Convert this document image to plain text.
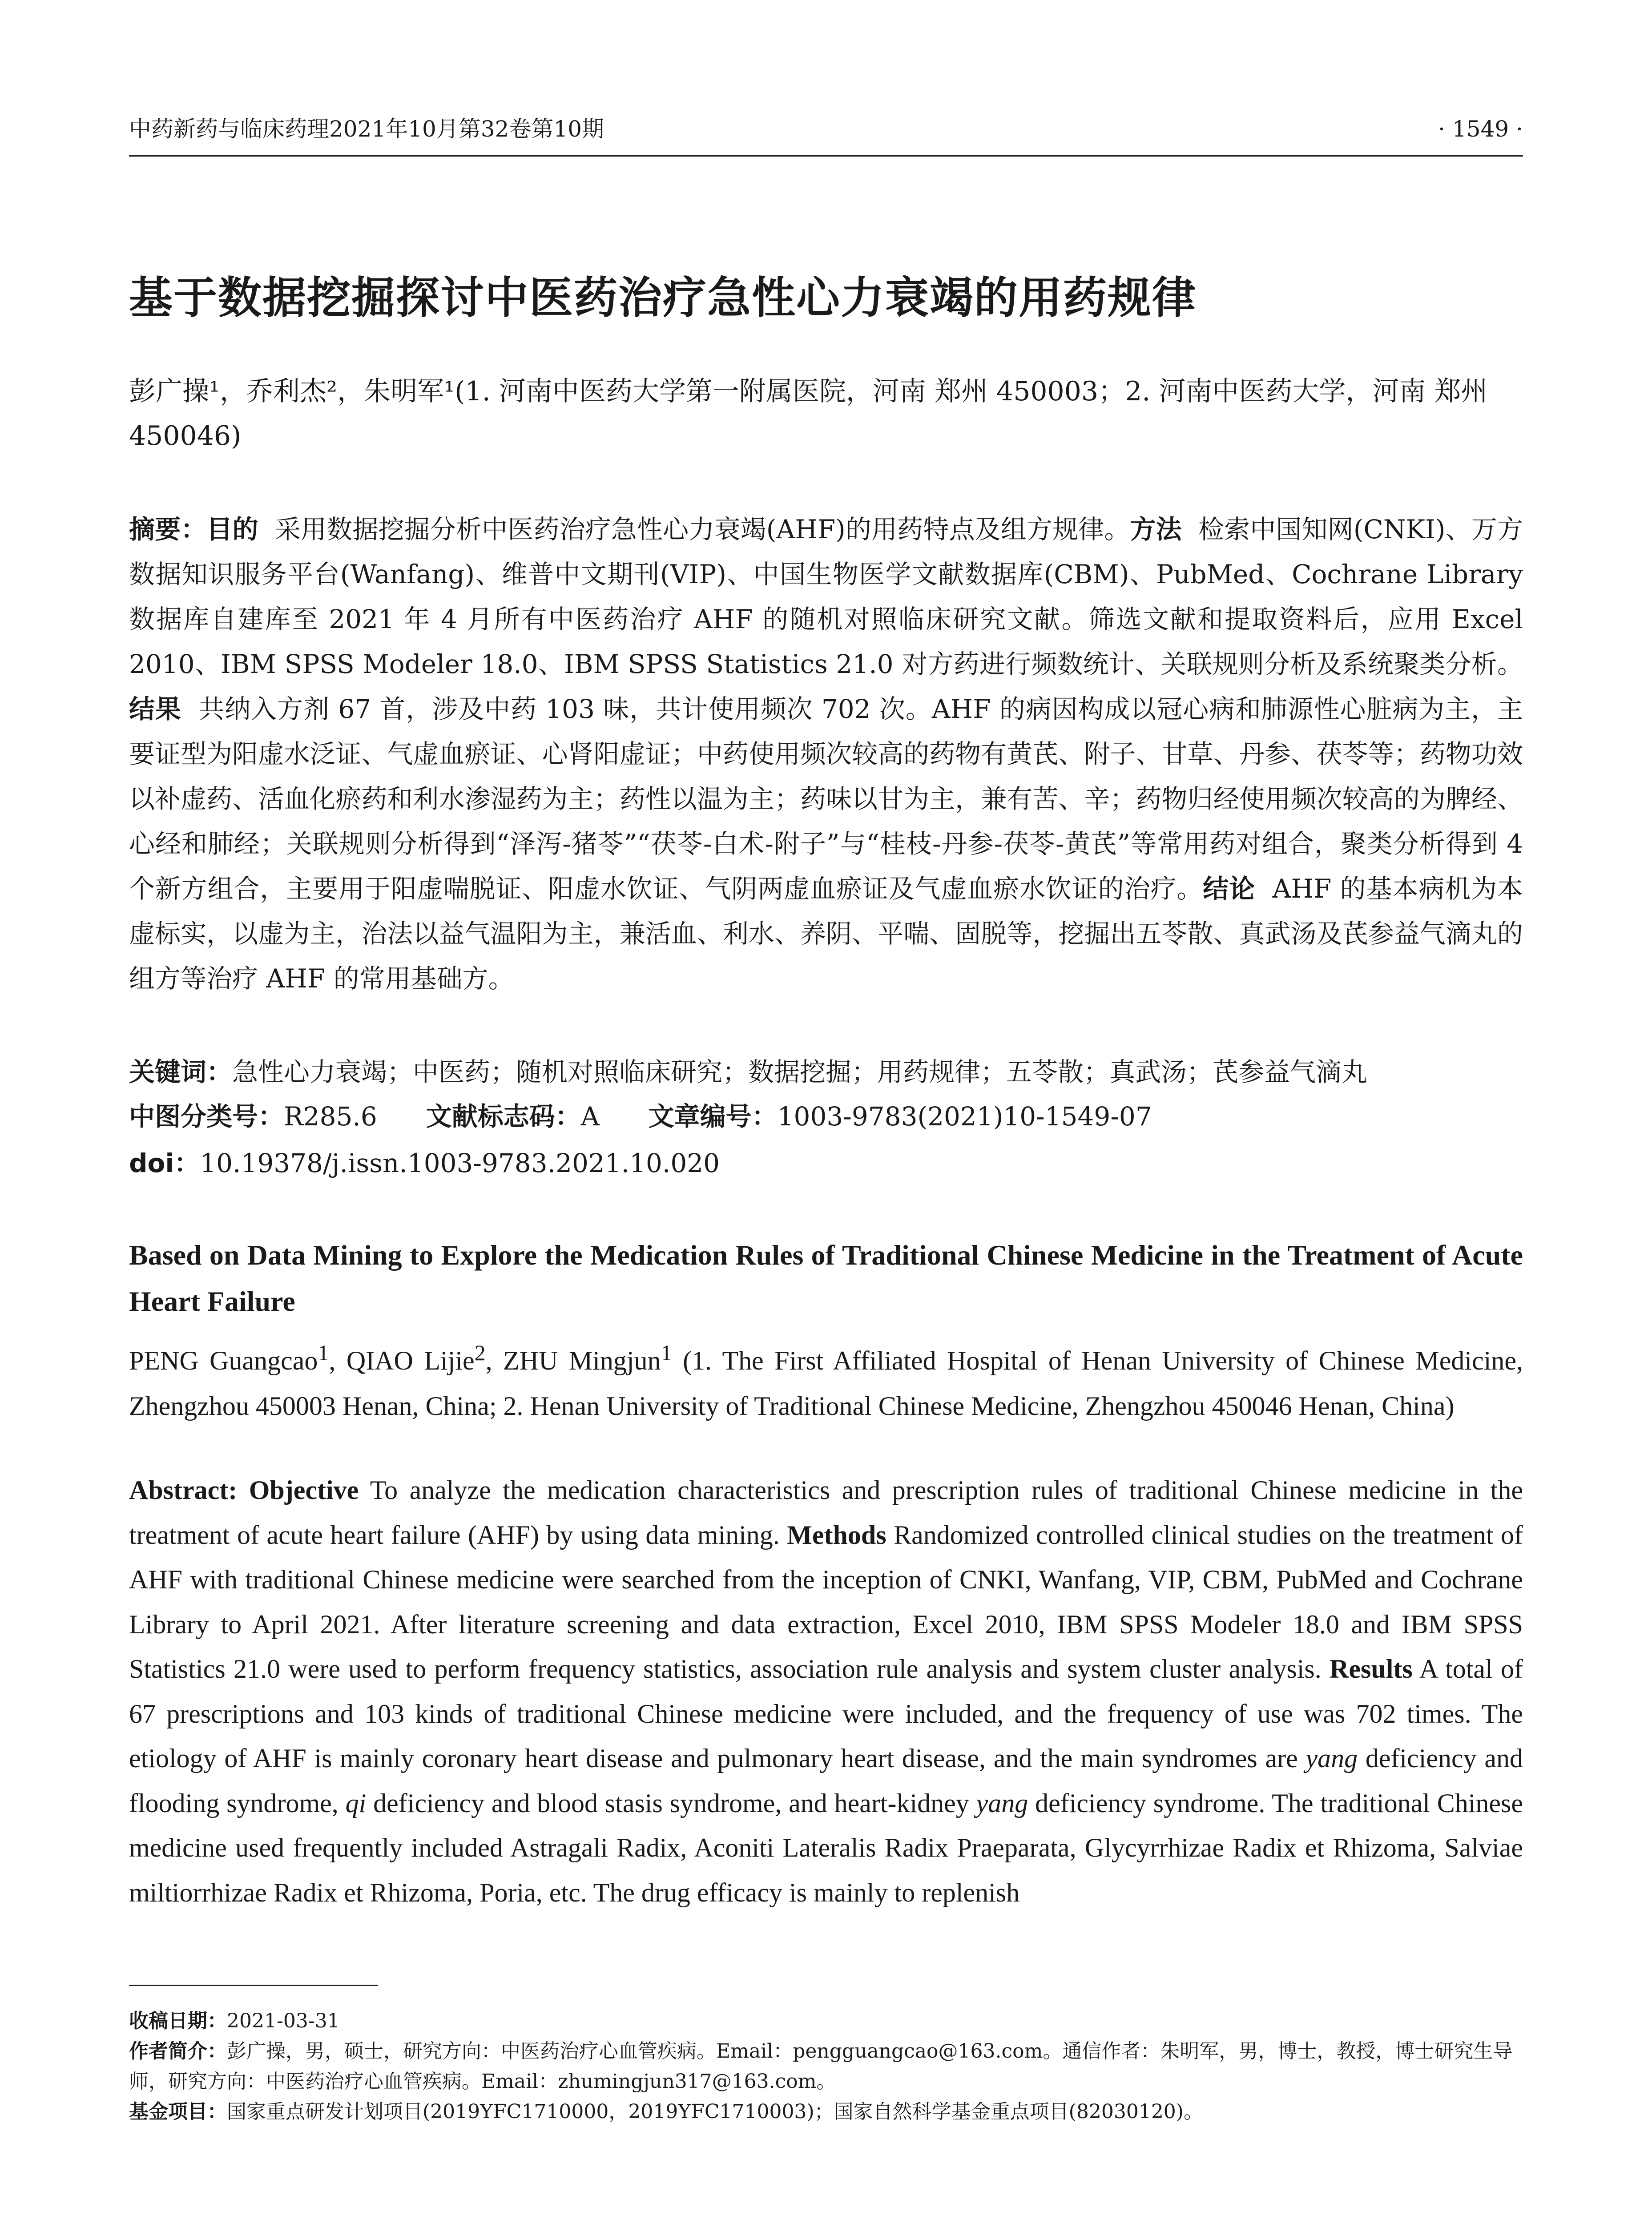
中药新药与临床药理2021年10月第32卷第10期	· 1549 ·
基于数据挖掘探讨中医药治疗急性心力衰竭的用药规律
彭广操¹，乔利杰²，朱明军¹(1. 河南中医药大学第一附属医院，河南 郑州 450003；2. 河南中医药大学，河南 郑州 450046)
摘要：目的 采用数据挖掘分析中医药治疗急性心力衰竭(AHF)的用药特点及组方规律。方法 检索中国知网(CNKI)、万方数据知识服务平台(Wanfang)、维普中文期刊(VIP)、中国生物医学文献数据库(CBM)、PubMed、Cochrane Library 数据库自建库至 2021 年 4 月所有中医药治疗 AHF 的随机对照临床研究文献。筛选文献和提取资料后，应用 Excel 2010、IBM SPSS Modeler 18.0、IBM SPSS Statistics 21.0 对方药进行频数统计、关联规则分析及系统聚类分析。结果 共纳入方剂 67 首，涉及中药 103 味，共计使用频次 702 次。AHF 的病因构成以冠心病和肺源性心脏病为主，主要证型为阳虚水泛证、气虚血瘀证、心肾阳虚证；中药使用频次较高的药物有黄芪、附子、甘草、丹参、茯苓等；药物功效以补虚药、活血化瘀药和利水渗湿药为主；药性以温为主；药味以甘为主，兼有苦、辛；药物归经使用频次较高的为脾经、心经和肺经；关联规则分析得到“泽泻-猪苓”“茯苓-白术-附子”与“桂枝-丹参-茯苓-黄芪”等常用药对组合，聚类分析得到 4 个新方组合，主要用于阳虚喘脱证、阳虚水饮证、气阴两虚血瘀证及气虚血瘀水饮证的治疗。结论 AHF 的基本病机为本虚标实，以虚为主，治法以益气温阳为主，兼活血、利水、养阴、平喘、固脱等，挖掘出五苓散、真武汤及芪参益气滴丸的组方等治疗 AHF 的常用基础方。
关键词：急性心力衰竭；中医药；随机对照临床研究；数据挖掘；用药规律；五苓散；真武汤；芪参益气滴丸
中图分类号：R285.6 文献标志码：A 文章编号：1003-9783(2021)10-1549-07
doi：10.19378/j.issn.1003-9783.2021.10.020
Based on Data Mining to Explore the Medication Rules of Traditional Chinese Medicine in the Treatment of Acute Heart Failure
PENG Guangcao$^1$, QIAO Lijie$^2$, ZHU Mingjun$^1$ (1. The First Affiliated Hospital of Henan University of Chinese Medicine, Zhengzhou 450003 Henan, China; 2. Henan University of Traditional Chinese Medicine, Zhengzhou 450046 Henan, China)
Abstract: Objective To analyze the medication characteristics and prescription rules of traditional Chinese medicine in the treatment of acute heart failure (AHF) by using data mining. Methods Randomized controlled clinical studies on the treatment of AHF with traditional Chinese medicine were searched from the inception of CNKI, Wanfang, VIP, CBM, PubMed and Cochrane Library to April 2021. After literature screening and data extraction, Excel 2010, IBM SPSS Modeler 18.0 and IBM SPSS Statistics 21.0 were used to perform frequency statistics, association rule analysis and system cluster analysis. Results A total of 67 prescriptions and 103 kinds of traditional Chinese medicine were included, and the frequency of use was 702 times. The etiology of AHF is mainly coronary heart disease and pulmonary heart disease, and the main syndromes are yang deficiency and flooding syndrome, qi deficiency and blood stasis syndrome, and heart-kidney yang deficiency syndrome. The traditional Chinese medicine used frequently included Astragali Radix, Aconiti Lateralis Radix Praeparata, Glycyrrhizae Radix et Rhizoma, Salviae miltiorrhizae Radix et Rhizoma, Poria, etc. The drug efficacy is mainly to replenish

收稿日期：2021-03-31

作者简介：彭广操，男，硕士，研究方向：中医药治疗心血管疾病。Email：pengguangcao@163.com。通信作者：朱明军，男，博士，教授，博士研究生导师，研究方向：中医药治疗心血管疾病。Email：zhumingjun317@163.com。

基金项目：国家重点研发计划项目(2019YFC1710000，2019YFC1710003)；国家自然科学基金重点项目(82030120)。
